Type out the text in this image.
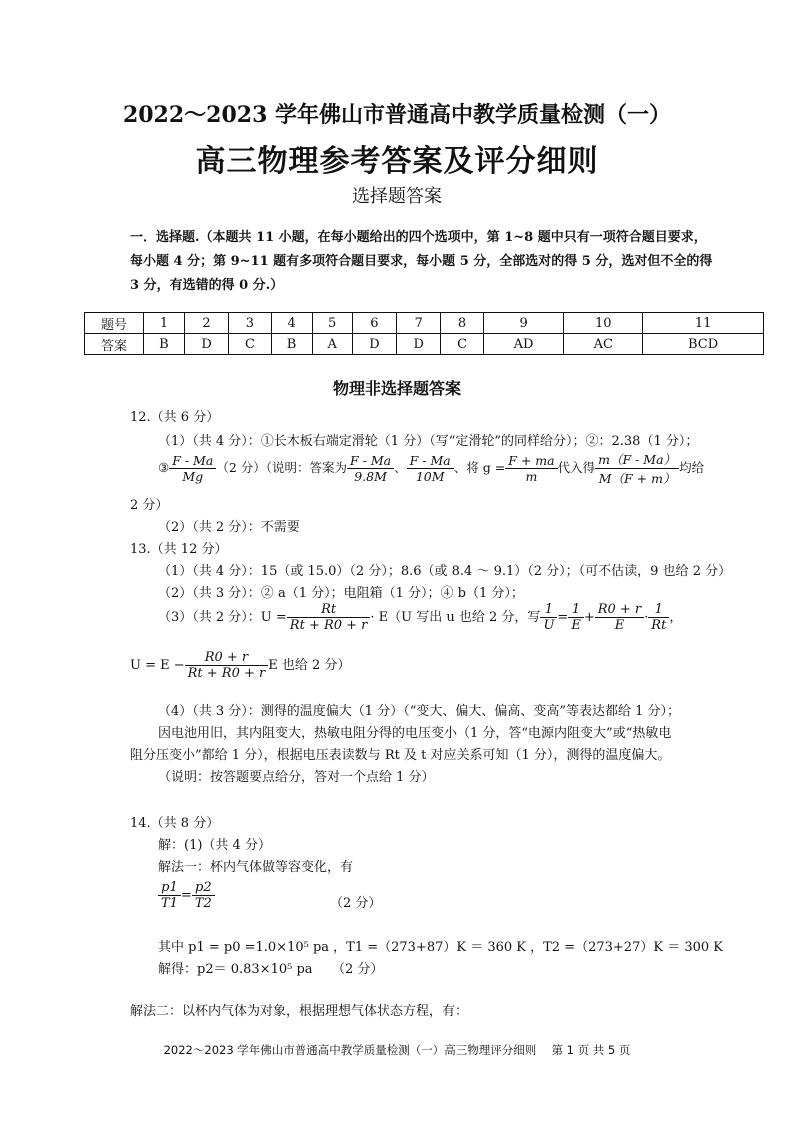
2022～2023 学年佛山市普通高中教学质量检测（一）
高三物理参考答案及评分细则
选择题答案
一．选择题.（本题共 11 小题，在每小题给出的四个选项中，第 1~8 题中只有一项符合题目要求，
每小题 4 分；第 9~11 题有多项符合题目要求，每小题 5 分，全部选对的得 5 分，选对但不全的得
3 分，有选错的得 0 分.）
题号	1	2	3	4	5	6	7	8	9	10	11
答案	B	D	C	B	A	D	D	C	AD	AC	BCD
物理非选择题答案
12.（共 6 分）
（1）（共 4 分）：①长木板右端定滑轮（1 分）（写“定滑轮”的同样给分）；②：2.38（1 分）；
③ $\frac{F - Ma}{Mg} (2$ 分）（说明：答案为 $\frac{F - Ma}{9.8M}$ 、 $\frac{F - Ma}{10M}$ 、将 $g = \frac{F + ma}{m}$ 代入得 $\frac{m(F - Ma)}{M(F + m)}$ 均给
2 分）
（2）（共 2 分）：不需要
13.（共 12 分）
（1）（共 4 分）：15（或 15.0）（2 分）；8.6（或 8.4 ～ 9.1）（2 分）；（可不估读，9 也给 2 分）
（2）（共 3 分）：② a（1 分）；电阻箱（1 分）；④ b（1 分）；
（3）（共 2 分）：$U = \frac{Rt}{Rt + R0 + r} \cdot E(U$ 写出 u 也给 2 分，写 $\frac{1}{U} = \frac{1}{E} + \frac{R0 + r}{E} \cdot \frac{1}{Rt}$ ，
$U = E - \frac{R0 + r}{Rt + R0 + r}$ E 也给 2 分）
（4）（共 3 分）：测得的温度偏大（1 分）（“变大、偏大、偏高、变高”等表达都给 1 分）；
因电池用旧，其内阻变大，热敏电阻分得的电压变小（1 分，答“电源内阻变大”或“热敏电
阻分压变小”都给 1 分），根据电压表读数与 Rt 及 t 对应关系可知（1 分），测得的温度偏大。
（说明：按答题要点给分，答对一个点给 1 分）
14.（共 8 分）
解：(1)（共 4 分）
解法一：杯内气体做等容变化，有
$\frac{p1}{T1} = \frac{p2}{T2}$	（2 分）
其中 p1 = p0 =1.0×10⁵ pa ，T1 =（273+87）K ＝ 360 K ，T2 =（273+27）K ＝ 300 K
解得：p2＝ 0.83×10⁵ pa　　（2 分）
解法二：以杯内气体为对象，根据理想气体状态方程，有：
2022～2023 学年佛山市普通高中教学质量检测（一）高三物理评分细则　 第 1 页 共 5 页
